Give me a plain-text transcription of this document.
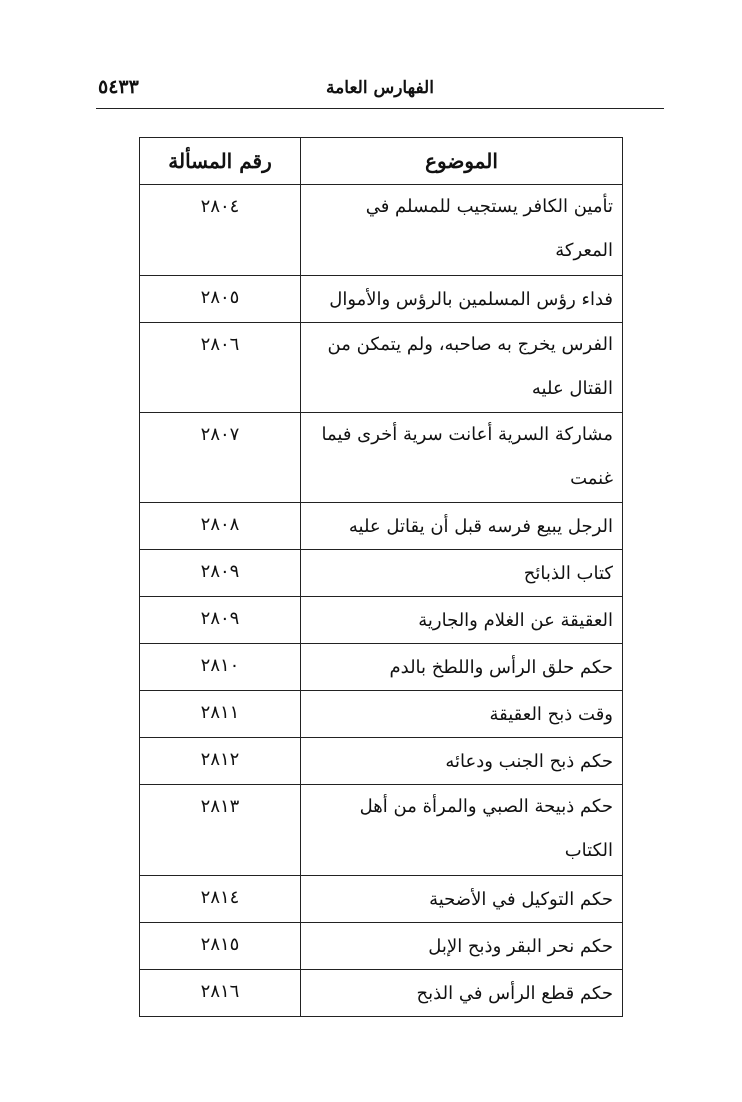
الفهارس العامة
٥٤٣٣
الموضوع	رقم المسألة
تأمين الكافر يستجيب للمسلم في المعركة	٢٨٠٤
فداء رؤس المسلمين بالرؤس والأموال	٢٨٠٥
الفرس يخرج به صاحبه، ولم يتمكن من القتال عليه	٢٨٠٦
مشاركة السرية أعانت سرية أخرى فيما غنمت	٢٨٠٧
الرجل يبيع فرسه قبل أن يقاتل عليه	٢٨٠٨
كتاب الذبائح	٢٨٠٩
العقيقة عن الغلام والجارية	٢٨٠٩
حكم حلق الرأس واللطخ بالدم	٢٨١٠
وقت ذبح العقيقة	٢٨١١
حكم ذبح الجنب ودعائه	٢٨١٢
حكم ذبيحة الصبي والمرأة من أهل الكتاب	٢٨١٣
حكم التوكيل في الأضحية	٢٨١٤
حكم نحر البقر وذبح الإبل	٢٨١٥
حكم قطع الرأس في الذبح	٢٨١٦
